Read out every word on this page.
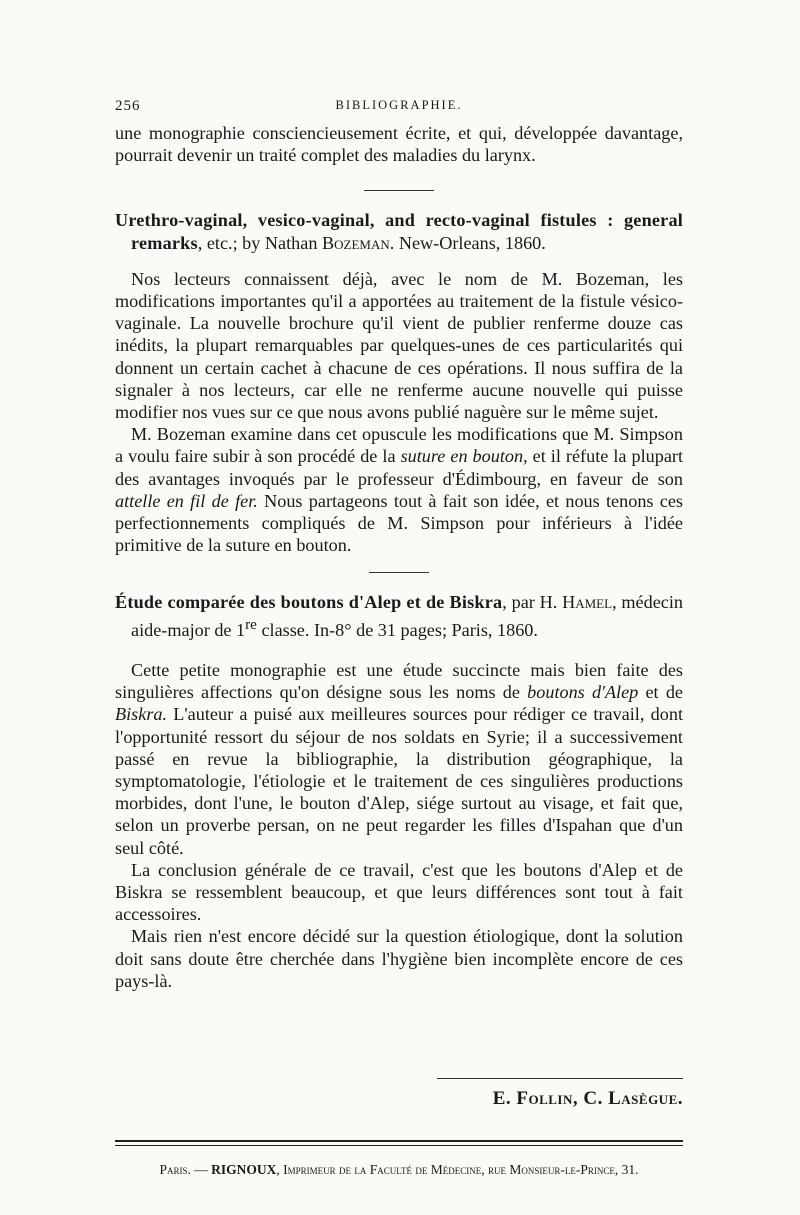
256	BIBLIOGRAPHIE.

une monographie consciencieusement écrite, et qui, développée davantage, pourrait devenir un traité complet des maladies du larynx.

Urethro-vaginal, vesico-vaginal, and recto-vaginal fistules : general remarks, etc.; by Nathan Bozeman. New-Orleans, 1860.

Nos lecteurs connaissent déjà, avec le nom de M. Bozeman, les modifications importantes qu'il a apportées au traitement de la fistule vésico-vaginale. La nouvelle brochure qu'il vient de publier renferme douze cas inédits, la plupart remarquables par quelques-unes de ces particularités qui donnent un certain cachet à chacune de ces opérations. Il nous suffira de la signaler à nos lecteurs, car elle ne renferme aucune nouvelle qui puisse modifier nos vues sur ce que nous avons publié naguère sur le même sujet.

M. Bozeman examine dans cet opuscule les modifications que M. Simpson a voulu faire subir à son procédé de la suture en bouton, et il réfute la plupart des avantages invoqués par le professeur d'Édimbourg, en faveur de son attelle en fil de fer. Nous partageons tout à fait son idée, et nous tenons ces perfectionnements compliqués de M. Simpson pour inférieurs à l'idée primitive de la suture en bouton.

Étude comparée des boutons d'Alep et de Biskra, par H. Hamel, médecin aide-major de 1re classe. In-8° de 31 pages; Paris, 1860.

Cette petite monographie est une étude succincte mais bien faite des singulières affections qu'on désigne sous les noms de boutons d'Alep et de Biskra. L'auteur a puisé aux meilleures sources pour rédiger ce travail, dont l'opportunité ressort du séjour de nos soldats en Syrie; il a successivement passé en revue la bibliographie, la distribution géographique, la symptomatologie, l'étiologie et le traitement de ces singulières productions morbides, dont l'une, le bouton d'Alep, siége surtout au visage, et fait que, selon un proverbe persan, on ne peut regarder les filles d'Ispahan que d'un seul côté.

La conclusion générale de ce travail, c'est que les boutons d'Alep et de Biskra se ressemblent beaucoup, et que leurs différences sont tout à fait accessoires.

Mais rien n'est encore décidé sur la question étiologique, dont la solution doit sans doute être cherchée dans l'hygiène bien incomplète encore de ces pays-là.

E. Follin, C. Lasègue.
Paris. — RIGNOUX, Imprimeur de la Faculté de Médecine, rue Monsieur-le-Prince, 31.
